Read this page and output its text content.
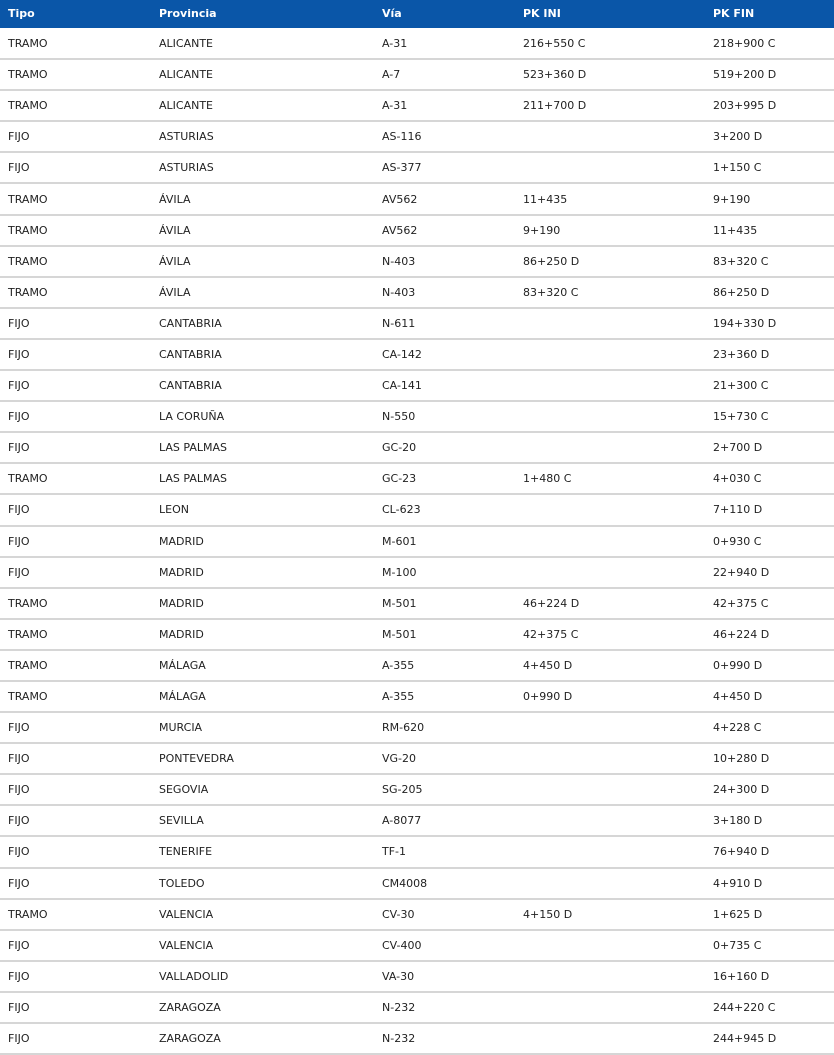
Tipo	Provincia	Vía	PK INI	PK FIN
TRAMO	ALICANTE	A-31	216+550 C	218+900 C
TRAMO	ALICANTE	A-7	523+360 D	519+200 D
TRAMO	ALICANTE	A-31	211+700 D	203+995 D
FIJO	ASTURIAS	AS-116		3+200 D
FIJO	ASTURIAS	AS-377		1+150 C
TRAMO	ÁVILA	AV562	11+435	9+190
TRAMO	ÁVILA	AV562	9+190	11+435
TRAMO	ÁVILA	N-403	86+250 D	83+320 C
TRAMO	ÁVILA	N-403	83+320 C	86+250 D
FIJO	CANTABRIA	N-611		194+330 D
FIJO	CANTABRIA	CA-142		23+360 D
FIJO	CANTABRIA	CA-141		21+300 C
FIJO	LA CORUÑA	N-550		15+730 C
FIJO	LAS PALMAS	GC-20		2+700 D
TRAMO	LAS PALMAS	GC-23	1+480 C	4+030 C
FIJO	LEON	CL-623		7+110 D
FIJO	MADRID	M-601		0+930 C
FIJO	MADRID	M-100		22+940 D
TRAMO	MADRID	M-501	46+224 D	42+375 C
TRAMO	MADRID	M-501	42+375 C	46+224 D
TRAMO	MÁLAGA	A-355	4+450 D	0+990 D
TRAMO	MÁLAGA	A-355	0+990 D	4+450 D
FIJO	MURCIA	RM-620		4+228 C
FIJO	PONTEVEDRA	VG-20		10+280 D
FIJO	SEGOVIA	SG-205		24+300 D
FIJO	SEVILLA	A-8077		3+180 D
FIJO	TENERIFE	TF-1		76+940 D
FIJO	TOLEDO	CM4008		4+910 D
TRAMO	VALENCIA	CV-30	4+150 D	1+625 D
FIJO	VALENCIA	CV-400		0+735 C
FIJO	VALLADOLID	VA-30		16+160 D
FIJO	ZARAGOZA	N-232		244+220 C
FIJO	ZARAGOZA	N-232		244+945 D
